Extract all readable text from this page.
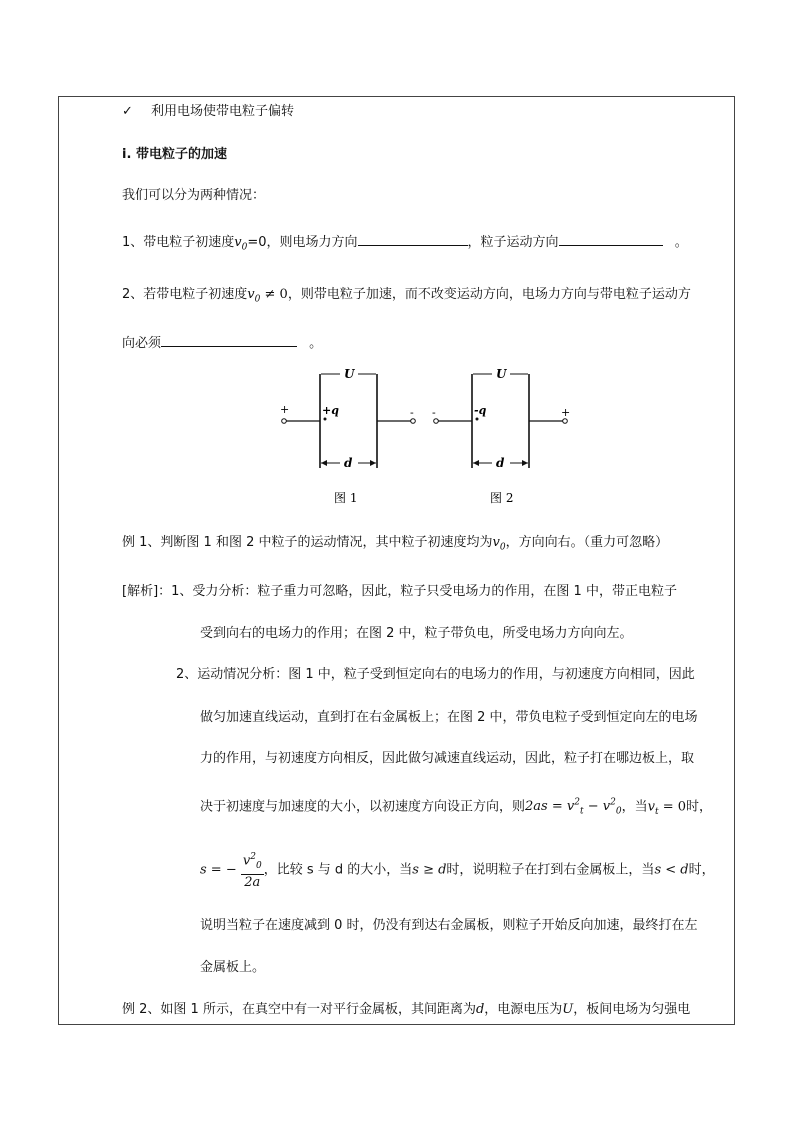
✓ 利用电场使带电粒子偏转
i. 带电粒子的加速
我们可以分为两种情况：
1、带电粒子初速度$v_0=0$，则电场力方向	，粒子运动方向	。
2、若带电粒子初速度$v_0 \ne 0$，则带电粒子加速，而不改变运动方向，电场力方向与带电粒子运动方
向必须	。
U
+	-
+q
d
图 1
U
-	+
-q
d
图 2
例 1、判断图 1 和图 2 中粒子的运动情况，其中粒子初速度均为$v_0$，方向向右。（重力可忽略）
[解析]：1、受力分析：粒子重力可忽略，因此，粒子只受电场力的作用，在图 1 中，带正电粒子
受到向右的电场力的作用；在图 2 中，粒子带负电，所受电场力方向向左。
2、运动情况分析：图 1 中，粒子受到恒定向右的电场力的作用，与初速度方向相同，因此
做匀加速直线运动，直到打在右金属板上；在图 2 中，带负电粒子受到恒定向左的电场
力的作用，与初速度方向相反，因此做匀减速直线运动，因此，粒子打在哪边板上，取
决于初速度与加速度的大小，以初速度方向设正方向，则$2as = v^2_t - v^2_0$，当$v_t = 0$时，
s = − $\frac{v^2_0}{2a}$ ，比较 s 与 d 的大小，当s ≥ d时，说明粒子在打到右金属板上，当s < d时，
说明当粒子在速度减到 0 时，仍没有到达右金属板，则粒子开始反向加速，最终打在左
金属板上。
例 2、如图 1 所示，在真空中有一对平行金属板，其间距离为d，电源电压为U，板间电场为匀强电
